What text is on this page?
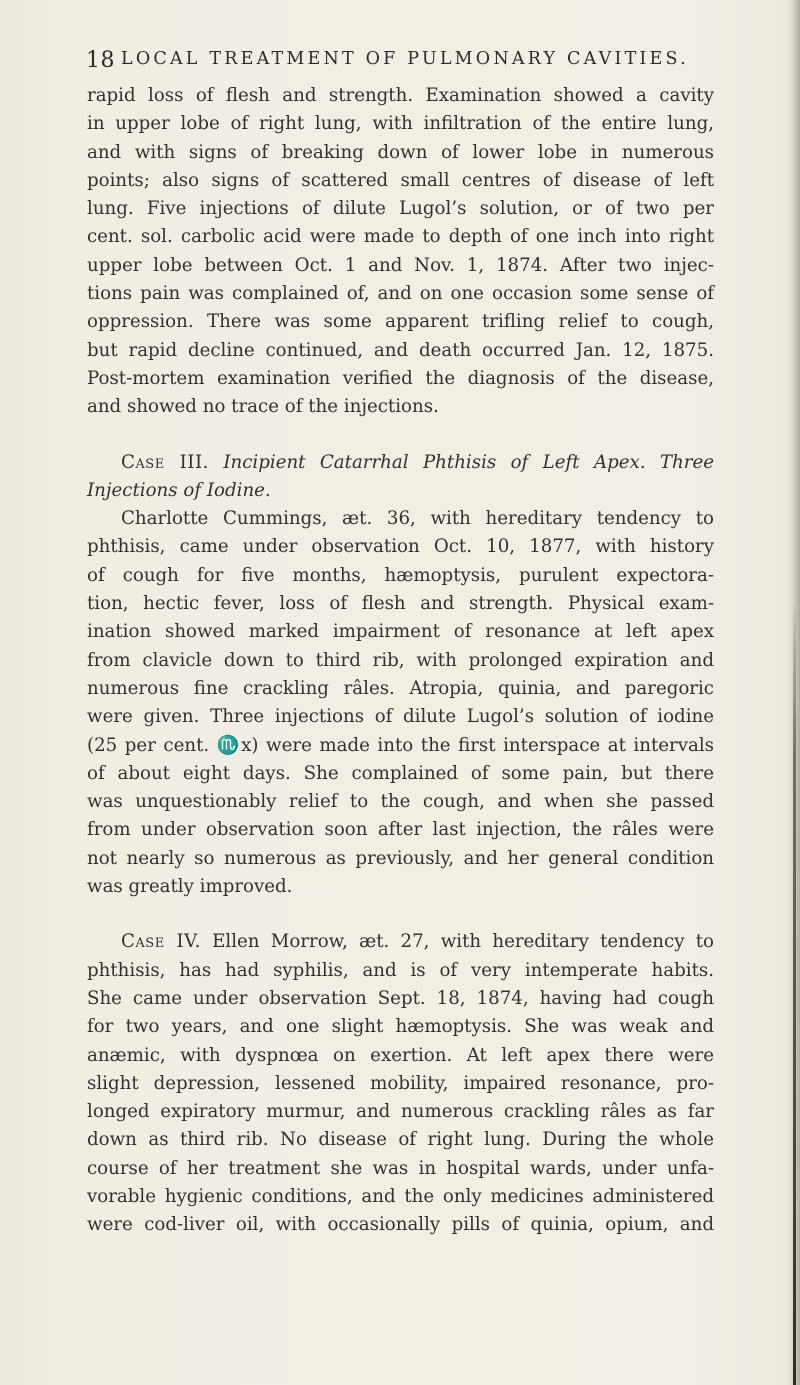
18 LOCAL TREATMENT OF PULMONARY CAVITIES.
rapid loss of flesh and strength. Examination showed a cavity
in upper lobe of right lung, with infiltration of the entire lung,
and with signs of breaking down of lower lobe in numerous
points; also signs of scattered small centres of disease of left
lung. Five injections of dilute Lugol’s solution, or of two per
cent. sol. carbolic acid were made to depth of one inch into right
upper lobe between Oct. 1 and Nov. 1, 1874. After two injec-
tions pain was complained of, and on one occasion some sense of
oppression. There was some apparent trifling relief to cough,
but rapid decline continued, and death occurred Jan. 12, 1875.
Post-mortem examination verified the diagnosis of the disease,
and showed no trace of the injections.
Case III. Incipient Catarrhal Phthisis of Left Apex. Three
Injections of Iodine.
Charlotte Cummings, æt. 36, with hereditary tendency to
phthisis, came under observation Oct. 10, 1877, with history
of cough for five months, hæmoptysis, purulent expectora-
tion, hectic fever, loss of flesh and strength. Physical exam-
ination showed marked impairment of resonance at left apex
from clavicle down to third rib, with prolonged expiration and
numerous fine crackling râles. Atropia, quinia, and paregoric
were given. Three injections of dilute Lugol’s solution of iodine
(25 per cent. ♏x) were made into the first interspace at intervals
of about eight days. She complained of some pain, but there
was unquestionably relief to the cough, and when she passed
from under observation soon after last injection, the râles were
not nearly so numerous as previously, and her general condition
was greatly improved.
Case IV. Ellen Morrow, æt. 27, with hereditary tendency to
phthisis, has had syphilis, and is of very intemperate habits.
She came under observation Sept. 18, 1874, having had cough
for two years, and one slight hæmoptysis. She was weak and
anæmic, with dyspnœa on exertion. At left apex there were
slight depression, lessened mobility, impaired resonance, pro-
longed expiratory murmur, and numerous crackling râles as far
down as third rib. No disease of right lung. During the whole
course of her treatment she was in hospital wards, under unfa-
vorable hygienic conditions, and the only medicines administered
were cod-liver oil, with occasionally pills of quinia, opium, and
